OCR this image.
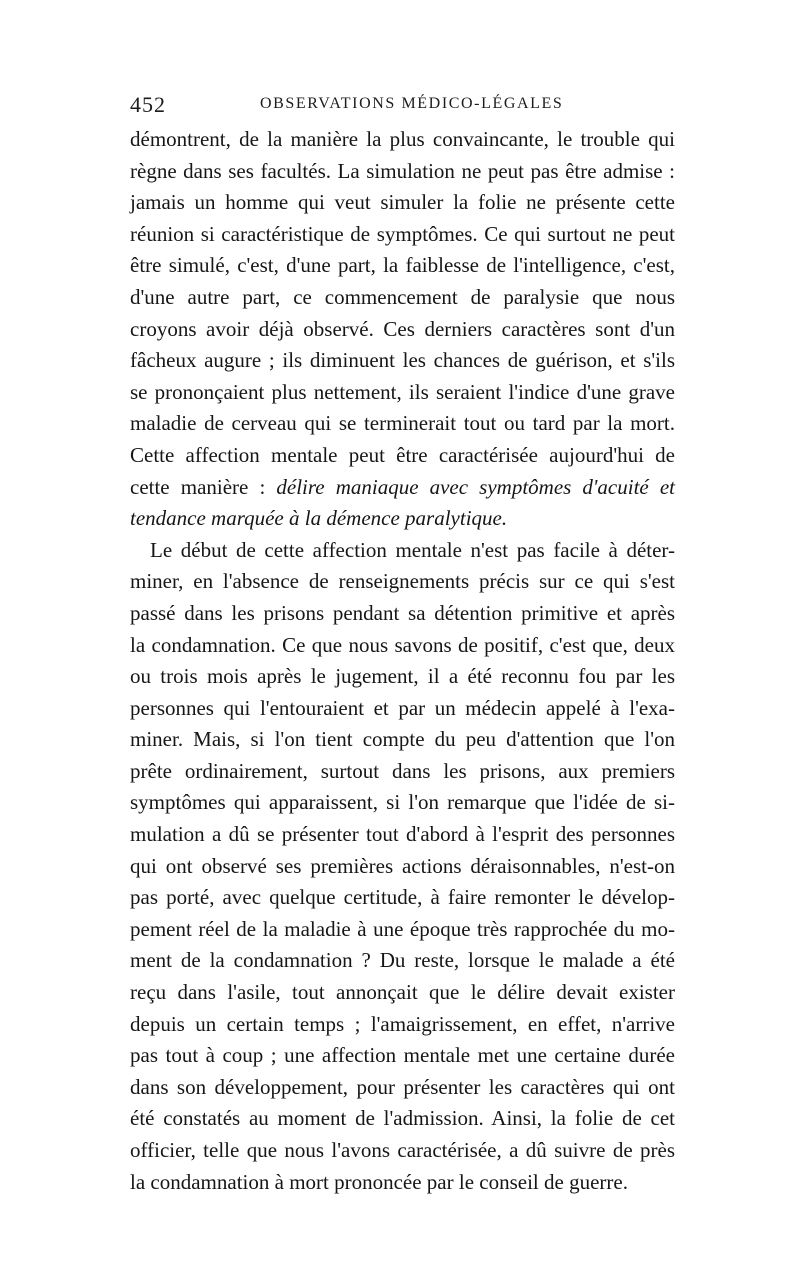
452	OBSERVATIONS MÉDICO-LÉGALES
démontrent, de la manière la plus convaincante, le trouble qui
règne dans ses facultés. La simulation ne peut pas être admise :
jamais un homme qui veut simuler la folie ne présente cette
réunion si caractéristique de symptômes. Ce qui surtout ne peut
être simulé, c'est, d'une part, la faiblesse de l'intelligence, c'est,
d'une autre part, ce commencement de paralysie que nous
croyons avoir déjà observé. Ces derniers caractères sont d'un
fâcheux augure ; ils diminuent les chances de guérison, et s'ils
se prononçaient plus nettement, ils seraient l'indice d'une grave
maladie de cerveau qui se terminerait tout ou tard par la mort.
Cette affection mentale peut être caractérisée aujourd'hui de
cette manière : délire maniaque avec symptômes d'acuité et
tendance marquée à la démence paralytique.
Le début de cette affection mentale n'est pas facile à déter-
miner, en l'absence de renseignements précis sur ce qui s'est
passé dans les prisons pendant sa détention primitive et après
la condamnation. Ce que nous savons de positif, c'est que, deux
ou trois mois après le jugement, il a été reconnu fou par les
personnes qui l'entouraient et par un médecin appelé à l'exa-
miner. Mais, si l'on tient compte du peu d'attention que l'on
prête ordinairement, surtout dans les prisons, aux premiers
symptômes qui apparaissent, si l'on remarque que l'idée de si-
mulation a dû se présenter tout d'abord à l'esprit des personnes
qui ont observé ses premières actions déraisonnables, n'est-on
pas porté, avec quelque certitude, à faire remonter le dévelop-
pement réel de la maladie à une époque très rapprochée du mo-
ment de la condamnation ? Du reste, lorsque le malade a été
reçu dans l'asile, tout annonçait que le délire devait exister
depuis un certain temps ; l'amaigrissement, en effet, n'arrive
pas tout à coup ; une affection mentale met une certaine durée
dans son développement, pour présenter les caractères qui ont
été constatés au moment de l'admission. Ainsi, la folie de cet
officier, telle que nous l'avons caractérisée, a dû suivre de près
la condamnation à mort prononcée par le conseil de guerre.
